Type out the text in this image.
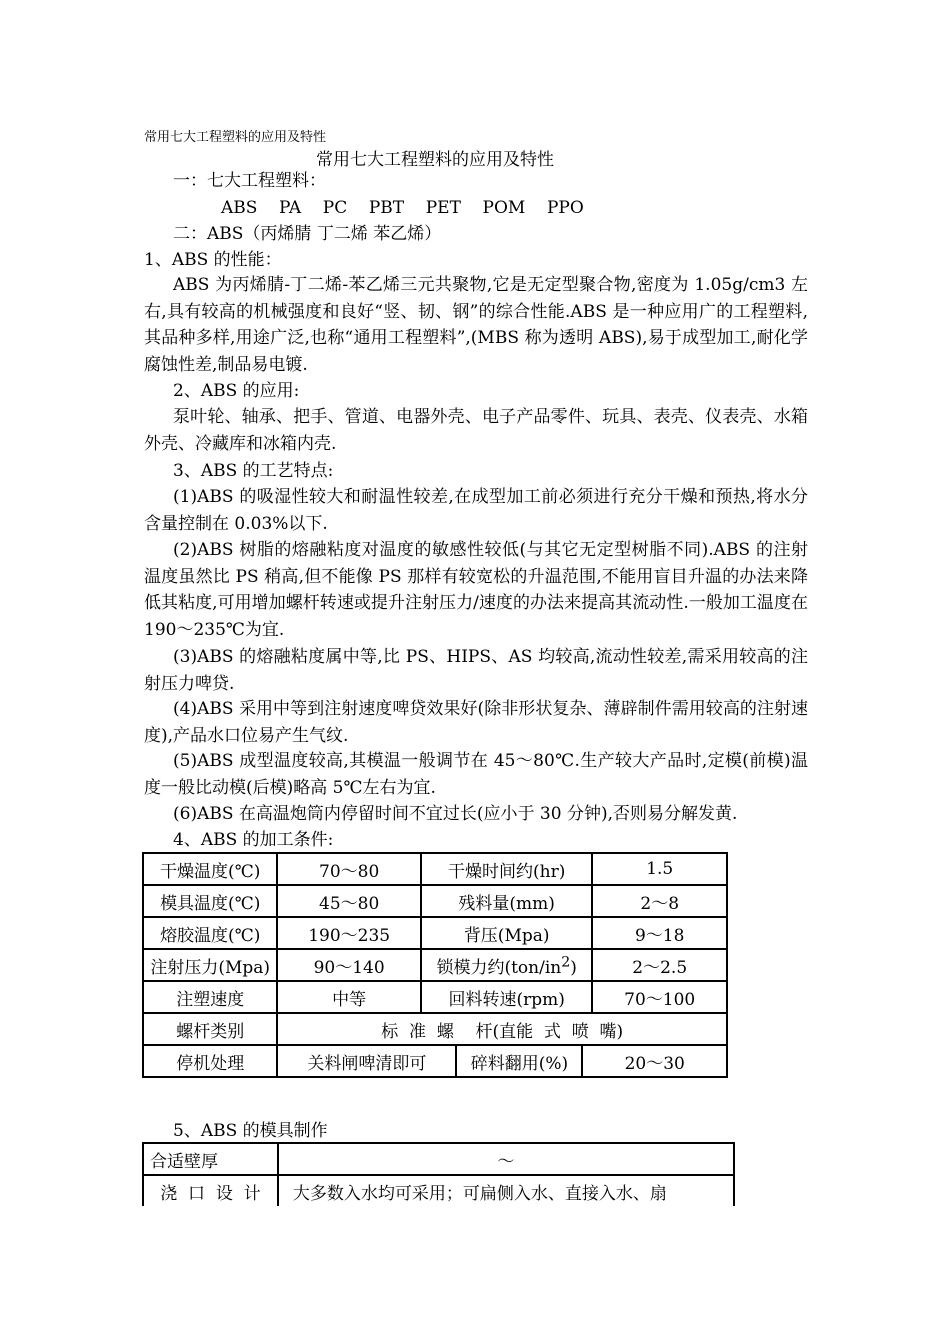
常用七大工程塑料的应用及特性
常用七大工程塑料的应用及特性
一：七大工程塑料：
ABS    PA    PC    PBT    PET    POM    PPO
二：ABS（丙烯腈 丁二烯 苯乙烯）
1、ABS 的性能：
ABS 为丙烯腈-丁二烯-苯乙烯三元共聚物,它是无定型聚合物,密度为 1.05g/cm3 左右,具有较高的机械强度和良好“竖、韧、钢”的综合性能.ABS 是一种应用广的工程塑料,其品种多样,用途广泛,也称“通用工程塑料”,(MBS 称为透明 ABS),易于成型加工,耐化学腐蚀性差,制品易电镀.
2、ABS 的应用:
泵叶轮、轴承、把手、管道、电器外壳、电子产品零件、玩具、表壳、仪表壳、水箱外壳、冷藏库和冰箱内壳.
3、ABS 的工艺特点:
(1)ABS 的吸湿性较大和耐温性较差,在成型加工前必须进行充分干燥和预热,将水分含量控制在 0.03%以下.
(2)ABS 树脂的熔融粘度对温度的敏感性较低(与其它无定型树脂不同).ABS 的注射温度虽然比 PS 稍高,但不能像 PS 那样有较宽松的升温范围,不能用盲目升温的办法来降低其粘度,可用增加螺杆转速或提升注射压力/速度的办法来提高其流动性.一般加工温度在 190～235℃为宜.
(3)ABS 的熔融粘度属中等,比 PS、HIPS、AS 均较高,流动性较差,需采用较高的注射压力啤贷.
(4)ABS 采用中等到注射速度啤贷效果好(除非形状复杂、薄辟制件需用较高的注射速度),产品水口位易产生气纹.
(5)ABS 成型温度较高,其模温一般调节在 45～80℃.生产较大产品时,定模(前模)温度一般比动模(后模)略高 5℃左右为宜.
(6)ABS 在高温炮筒内停留时间不宜过长(应小于 30 分钟),否则易分解发黄.
4、ABS 的加工条件:
干燥温度(℃)	70～80	干燥时间约(hr)	1.5
模具温度(℃)	45～80	残料量(mm)	2～8
熔胶温度(℃)	190～235	背压(Mpa)	9～18
注射压力(Mpa)	90～140	锁模力约$(ton/in^2)$	2～2.5
注塑速度	中等	回料转速(rpm)	70～100
螺杆类别	标  准  螺    杆(直能  式  喷  嘴)
停机处理		关料闸啤清即可	碎料翻用(%)	20～30
5、ABS 的模具制作
合适壁厚	～
浇  口  设  计	大多数入水均可采用；可扁侧入水、直接入水、扇
